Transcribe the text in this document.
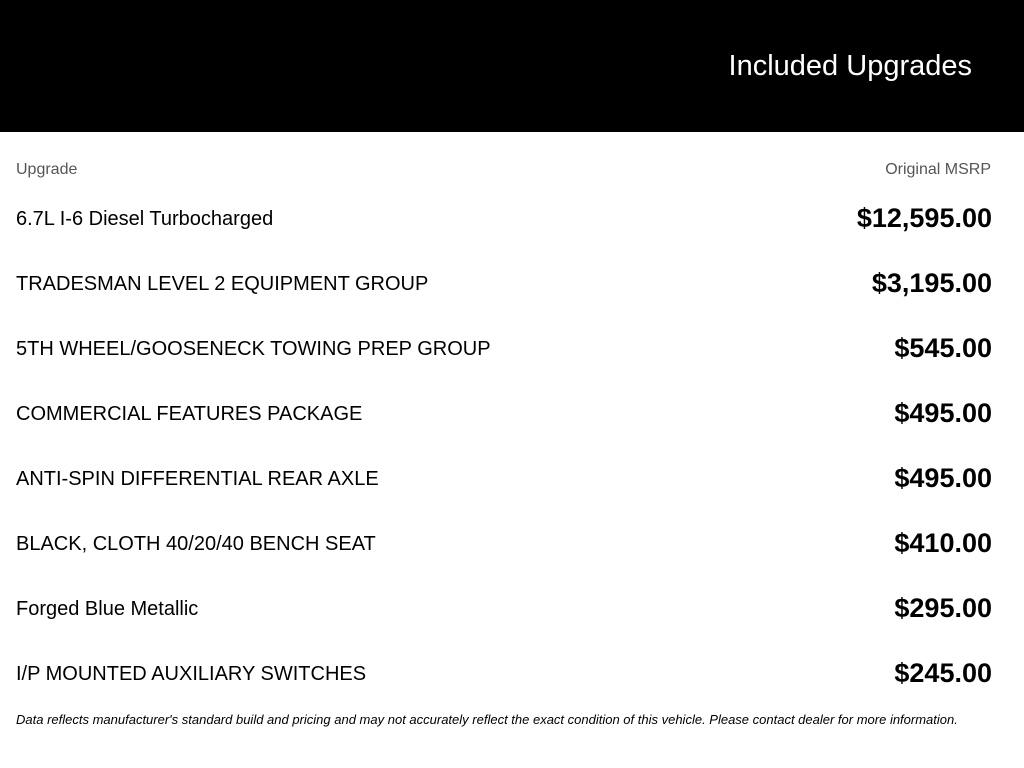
Included Upgrades
Upgrade	Original MSRP
6.7L I-6 Diesel Turbocharged	$12,595.00
TRADESMAN LEVEL 2 EQUIPMENT GROUP	$3,195.00
5TH WHEEL/GOOSENECK TOWING PREP GROUP	$545.00
COMMERCIAL FEATURES PACKAGE	$495.00
ANTI-SPIN DIFFERENTIAL REAR AXLE	$495.00
BLACK, CLOTH 40/20/40 BENCH SEAT	$410.00
Forged Blue Metallic	$295.00
I/P MOUNTED AUXILIARY SWITCHES	$245.00
Data reflects manufacturer's standard build and pricing and may not accurately reflect the exact condition of this vehicle. Please contact dealer for more information.
